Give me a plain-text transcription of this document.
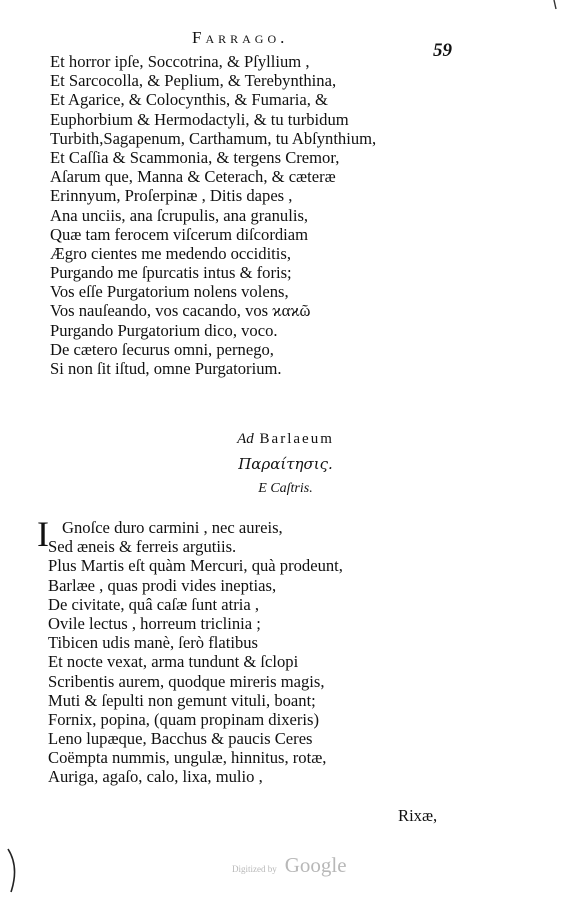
Farrago.
59
Et horror ipſe, Soccotrina, & Pſyllium ,
Et Sarcocolla, & Peplium, & Terebynthina,
Et Agarice, & Colocynthis, & Fumaria, &
Euphorbium & Hermodactyli, & tu turbidum
Turbith,Sagapenum, Carthamum, tu Abſynthium,
Et Caſſia & Scammonia, & tergens Cremor,
Aſarum que, Manna & Ceterach, & cæteræ
Erinnyum, Proſerpinæ , Ditis dapes ,
Ana unciis, ana ſcrupulis, ana granulis,
Quæ tam ferocem viſcerum diſcordiam
Ægro cientes me medendo occiditis,
Purgando me ſpurcatis intus & foris;
Vos eſſe Purgatorium nolens volens,
Vos nauſeando, vos cacando, vos ϰαϰῶ
Purgando Purgatorium dico, voco.
De cætero ſecurus omni, pernego,
Si non ſit iſtud, omne Purgatorium.
Ad Barlaeum
Παραίτησις.
E Caſtris.
I Gnoſce duro carmini , nec aureis,
Sed æneis & ferreis argutiis.
Plus Martis eſt quàm Mercuri, quà prodeunt,
Barlæe , quas prodi vides ineptias,
De civitate, quâ caſæ ſunt atria ,
Ovile lectus , horreum triclinia ;
Tibicen udis manè, ſerò flatibus
Et nocte vexat, arma tundunt & ſclopi
Scribentis aurem, quodque mireris magis,
Muti & ſepulti non gemunt vituli, boant;
Fornix, popina, (quam propinam dixeris)
Leno lupæque, Bacchus & paucis Ceres
Coëmpta nummis, ungulæ, hinnitus, rotæ,
Auriga, agaſo, calo, lixa, mulio ,
Rixæ,
Digitized by Google
